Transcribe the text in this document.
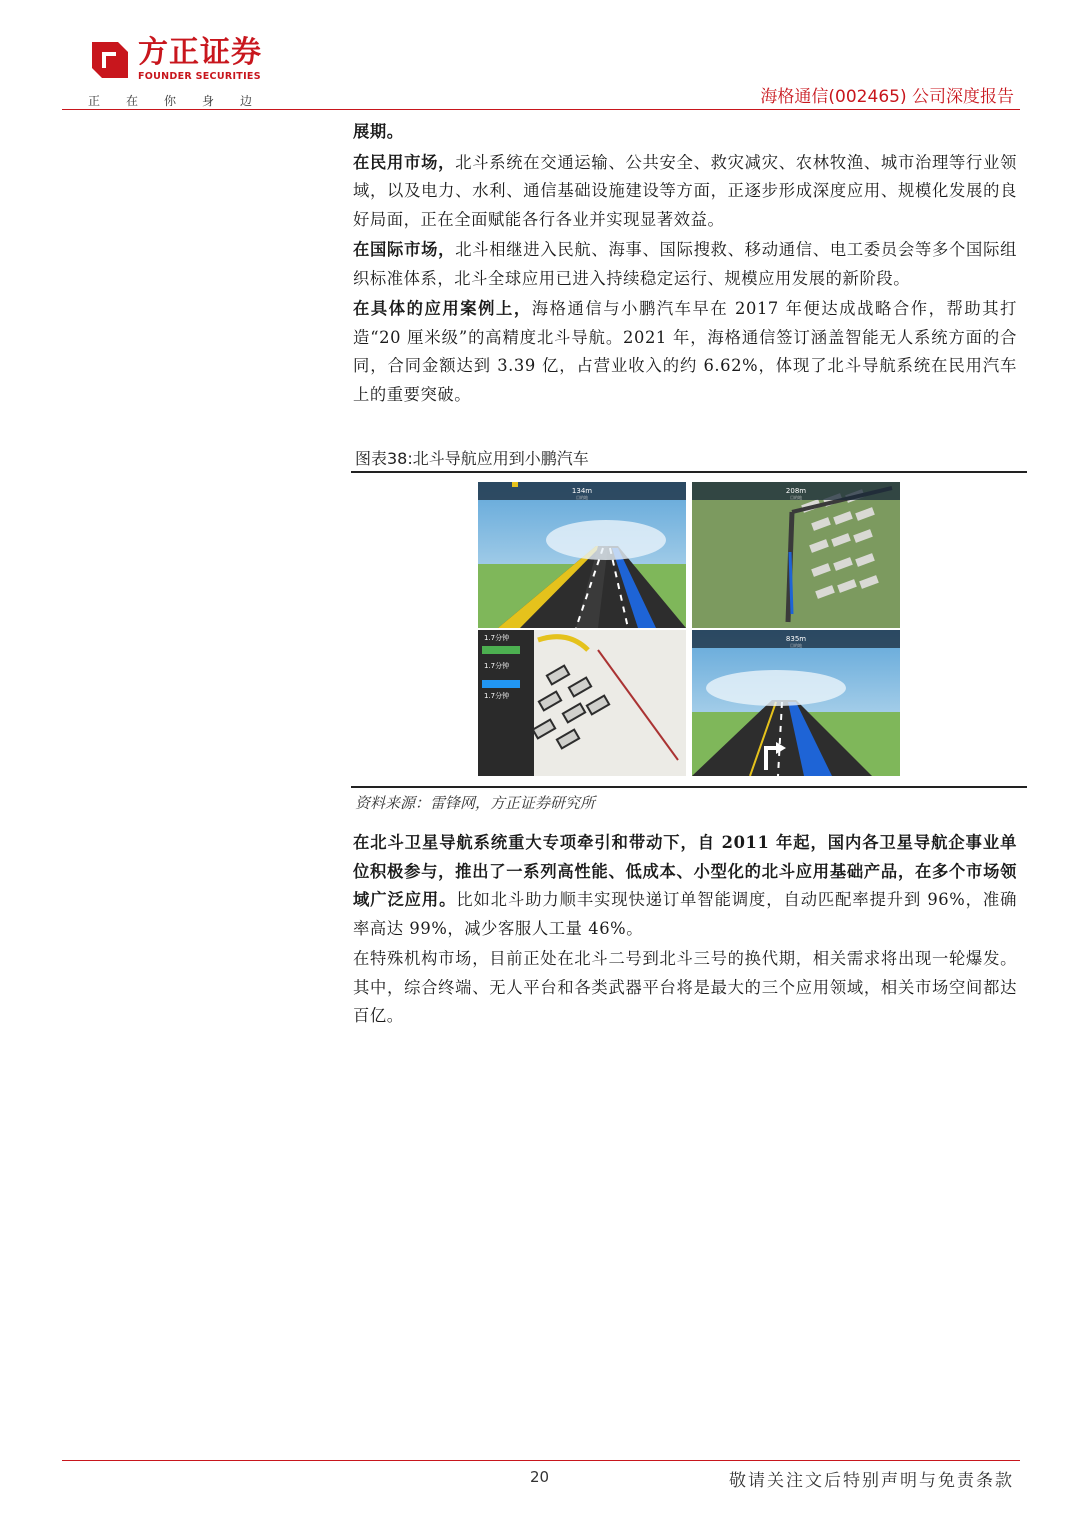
方正证券
FOUNDER SECURITIES
正在你身边	海格通信(002465) 公司深度报告

展期。

在民用市场，北斗系统在交通运输、公共安全、救灾减灾、农林牧渔、城市治理等行业领域，以及电力、水利、通信基础设施建设等方面，正逐步形成深度应用、规模化发展的良好局面，正在全面赋能各行各业并实现显著效益。

在国际市场，北斗相继进入民航、海事、国际搜救、移动通信、电工委员会等多个国际组织标准体系，北斗全球应用已进入持续稳定运行、规模应用发展的新阶段。

在具体的应用案例上，海格通信与小鹏汽车早在 2017 年便达成战略合作，帮助其打造“20 厘米级”的高精度北斗导航。2021 年，海格通信签订涵盖智能无人系统方面的合同，合同金额达到 3.39 亿，占营业收入的约 6.62%，体现了北斗导航系统在民用汽车上的重要突破。

图表38:北斗导航应用到小鹏汽车
134m
目的地
208m
目的地
1.7分钟
1.7分钟
1.7分钟
835m
目的地
资料来源：雷锋网，方正证券研究所

在北斗卫星导航系统重大专项牵引和带动下，自 2011 年起，国内各卫星导航企事业单位积极参与，推出了一系列高性能、低成本、小型化的北斗应用基础产品，在多个市场领域广泛应用。比如北斗助力顺丰实现快递订单智能调度，自动匹配率提升到 96%，准确率高达 99%，减少客服人工量 46%。

在特殊机构市场，目前正处在北斗二号到北斗三号的换代期，相关需求将出现一轮爆发。其中，综合终端、无人平台和各类武器平台将是最大的三个应用领域，相关市场空间都达百亿。

20	敬请关注文后特别声明与免责条款
